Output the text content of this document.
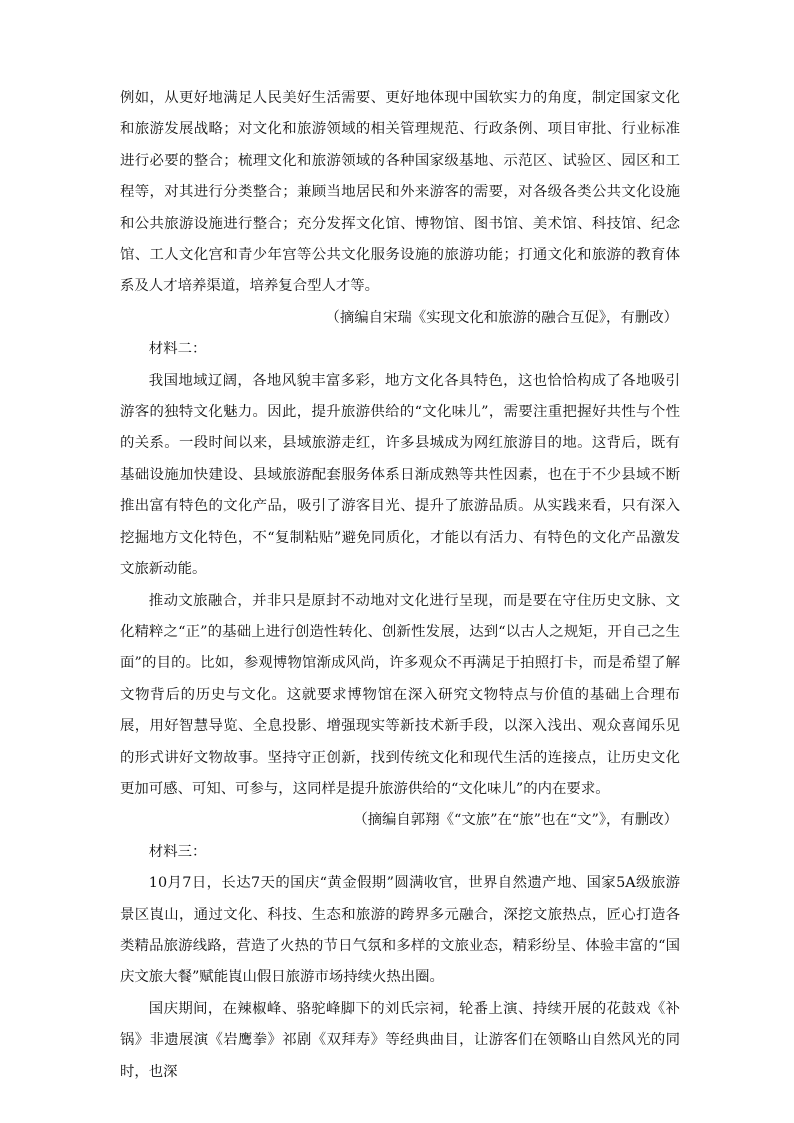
例如，从更好地满足人民美好生活需要、更好地体现中国软实力的角度，制定国家文化和旅游发展战略；对文化和旅游领域的相关管理规范、行政条例、项目审批、行业标准进行必要的整合；梳理文化和旅游领域的各种国家级基地、示范区、试验区、园区和工程等，对其进行分类整合；兼顾当地居民和外来游客的需要，对各级各类公共文化设施和公共旅游设施进行整合；充分发挥文化馆、博物馆、图书馆、美术馆、科技馆、纪念馆、工人文化宫和青少年宫等公共文化服务设施的旅游功能；打通文化和旅游的教育体系及人才培养渠道，培养复合型人才等。

（摘编自宋瑞《实现文化和旅游的融合互促》，有删改）

材料二：

我国地域辽阔，各地风貌丰富多彩，地方文化各具特色，这也恰恰构成了各地吸引游客的独特文化魅力。因此，提升旅游供给的“文化味儿”，需要注重把握好共性与个性的关系。一段时间以来，县域旅游走红，许多县城成为网红旅游目的地。这背后，既有基础设施加快建设、县域旅游配套服务体系日渐成熟等共性因素，也在于不少县域不断推出富有特色的文化产品，吸引了游客目光、提升了旅游品质。从实践来看，只有深入挖掘地方文化特色，不“复制粘贴”避免同质化，才能以有活力、有特色的文化产品激发文旅新动能。

推动文旅融合，并非只是原封不动地对文化进行呈现，而是要在守住历史文脉、文化精粹之“正”的基础上进行创造性转化、创新性发展，达到“以古人之规矩，开自己之生面”的目的。比如，参观博物馆渐成风尚，许多观众不再满足于拍照打卡，而是希望了解文物背后的历史与文化。这就要求博物馆在深入研究文物特点与价值的基础上合理布展，用好智慧导览、全息投影、增强现实等新技术新手段，以深入浅出、观众喜闻乐见的形式讲好文物故事。坚持守正创新，找到传统文化和现代生活的连接点，让历史文化更加可感、可知、可参与，这同样是提升旅游供给的“文化味儿”的内在要求。

（摘编自郭翔《“文旅”在“旅”也在“文”》，有删改）

材料三：

10月7日，长达7天的国庆“黄金假期”圆满收官，世界自然遗产地、国家5A级旅游景区崀山，通过文化、科技、生态和旅游的跨界多元融合，深挖文旅热点，匠心打造各类精品旅游线路，营造了火热的节日气氛和多样的文旅业态，精彩纷呈、体验丰富的“国庆文旅大餐”赋能崀山假日旅游市场持续火热出圈。

国庆期间，在辣椒峰、骆驼峰脚下的刘氏宗祠，轮番上演、持续开展的花鼓戏《补锅》非遗展演《岩鹰拳》祁剧《双拜寿》等经典曲目，让游客们在领略山自然风光的同时，也深
